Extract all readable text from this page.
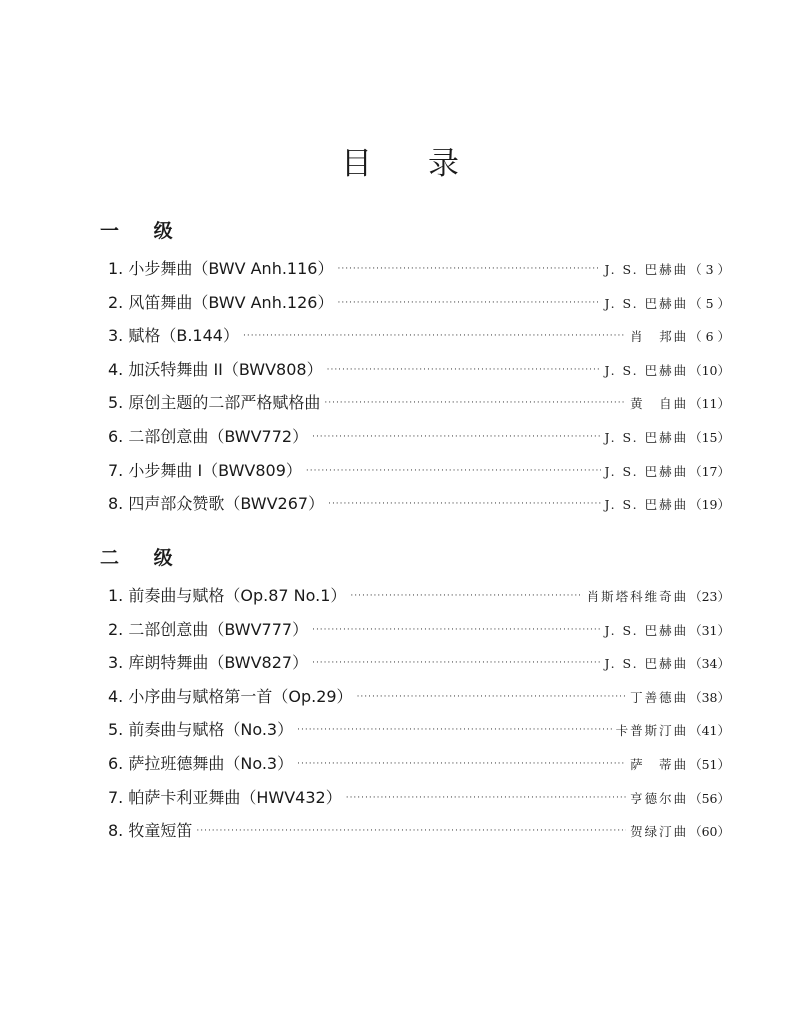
目录
一 级
1. 小步舞曲（BWV Anh.116） ·····	J. S. 巴赫曲 （ 3 ）
2. 风笛舞曲（BWV Anh.126） ·····	J. S. 巴赫曲 （ 5 ）
3. 赋格（B.144） ·····	肖　邦曲 （ 6 ）
4. 加沃特舞曲 II（BWV808） ·····	J. S. 巴赫曲 （10）
5. 原创主题的二部严格赋格曲 ·····	黄　自曲 （11）
6. 二部创意曲（BWV772） ·····	J. S. 巴赫曲 （15）
7. 小步舞曲 I（BWV809） ·····	J. S. 巴赫曲 （17）
8. 四声部众赞歌（BWV267） ·····	J. S. 巴赫曲 （19）
二 级
1. 前奏曲与赋格（Op.87 No.1） ·····	肖斯塔科维奇曲 （23）
2. 二部创意曲（BWV777） ·····	J. S. 巴赫曲 （31）
3. 库朗特舞曲（BWV827） ·····	J. S. 巴赫曲 （34）
4. 小序曲与赋格第一首（Op.29） ·····	丁善德曲 （38）
5. 前奏曲与赋格（No.3） ·····	卡普斯汀曲 （41）
6. 萨拉班德舞曲（No.3） ·····	萨　蒂曲 （51）
7. 帕萨卡利亚舞曲（HWV432） ·····	亨德尔曲 （56）
8. 牧童短笛 ·····	贺绿汀曲 （60）
